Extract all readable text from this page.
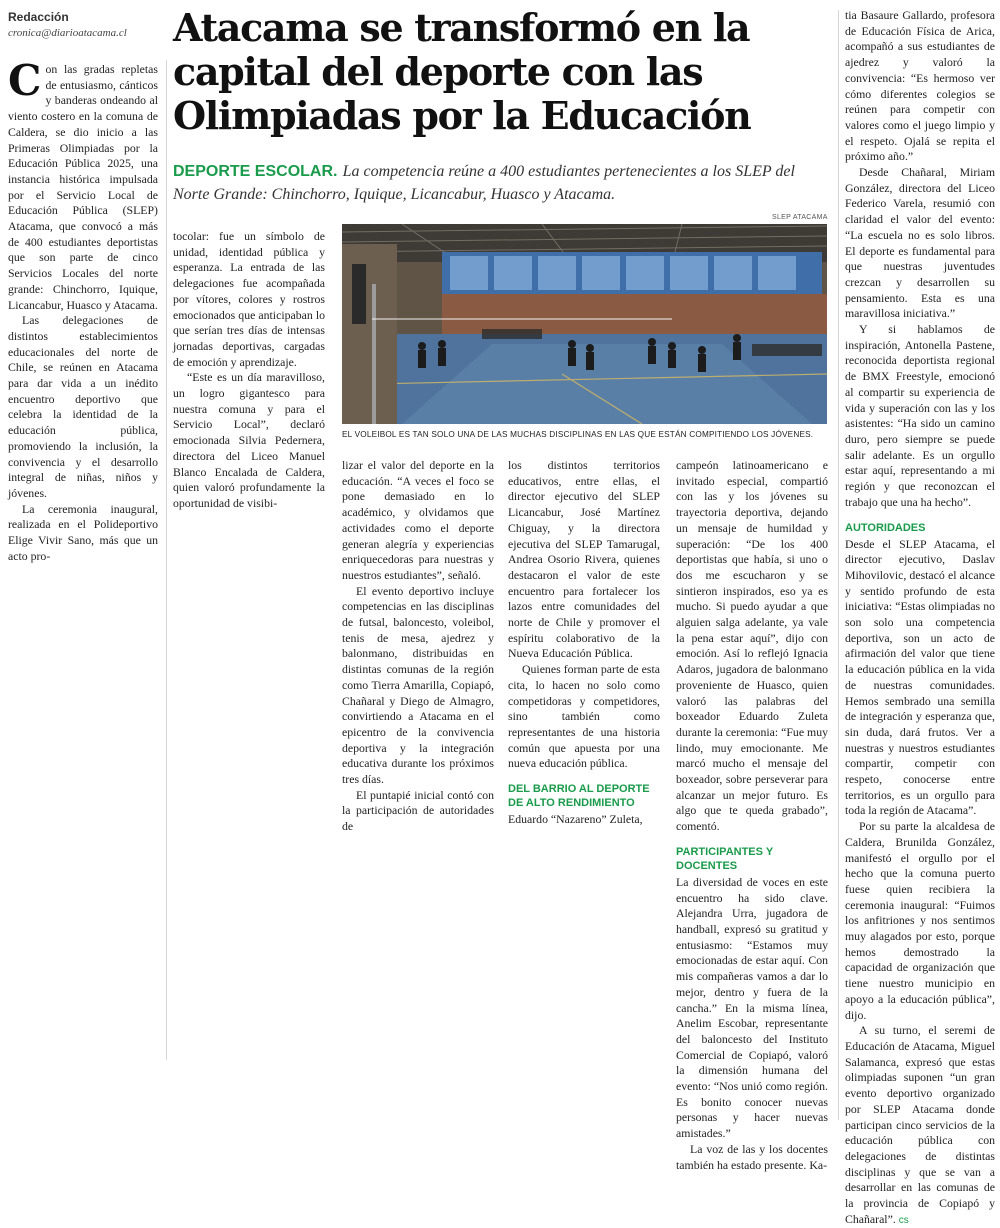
Redacción
cronica@diarioatacama.cl Atacama se transformó en la capital del deporte con las Olimpiadas por la Educación
DEPORTE ESCOLAR. La competencia reúne a 400 estudiantes pertenecientes a los SLEP del Norte Grande: Chinchorro, Iquique, Licancabur, Huasco y Atacama.
SLEP ATACAMA
EL VOLEIBOL ES TAN SOLO UNA DE LAS MUCHAS DISCIPLINAS EN LAS QUE ESTÁN COMPITIENDO LOS JÓVENES.

Con las gradas repletas de entusiasmo, cánticos y banderas ondeando al viento costero en la comuna de Caldera, se dio inicio a las Primeras Olimpiadas por la Educación Pública 2025, una instancia histórica impulsada por el Servicio Local de Educación Pública (SLEP) Atacama, que convocó a más de 400 estudiantes deportistas que son parte de cinco Servicios Locales del norte grande: Chinchorro, Iquique, Licancabur, Huasco y Atacama.

Las delegaciones de distintos establecimientos educacionales del norte de Chile, se reúnen en Atacama para dar vida a un inédito encuentro deportivo que celebra la identidad de la educación pública, promoviendo la inclusión, la convivencia y el desarrollo integral de niñas, niños y jóvenes.

La ceremonia inaugural, realizada en el Polideportivo Elige Vivir Sano, más que un acto pro-

tocolar: fue un símbolo de unidad, identidad pública y esperanza. La entrada de las delegaciones fue acompañada por vítores, colores y rostros emocionados que anticipaban lo que serían tres días de intensas jornadas deportivas, cargadas de emoción y aprendizaje.

“Este es un día maravilloso, un logro gigantesco para nuestra comuna y para el Servicio Local”, declaró emocionada Silvia Pedernera, directora del Liceo Manuel Blanco Encalada de Caldera, quien valoró profundamente la oportunidad de visibi-

lizar el valor del deporte en la educación. “A veces el foco se pone demasiado en lo académico, y olvidamos que actividades como el deporte generan alegría y experiencias enriquecedoras para nuestras y nuestros estudiantes”, señaló.

El evento deportivo incluye competencias en las disciplinas de futsal, baloncesto, voleibol, tenis de mesa, ajedrez y balonmano, distribuidas en distintas comunas de la región como Tierra Amarilla, Copiapó, Chañaral y Diego de Almagro, convirtiendo a Atacama en el epicentro de la convivencia deportiva y la integración educativa durante los próximos tres días.

El puntapié inicial contó con la participación de autoridades de

los distintos territorios educativos, entre ellas, el director ejecutivo del SLEP Licancabur, José Martínez Chiguay, y la directora ejecutiva del SLEP Tamarugal, Andrea Osorio Rivera, quienes destacaron el valor de este encuentro para fortalecer los lazos entre comunidades del norte de Chile y promover el espíritu colaborativo de la Nueva Educación Pública.

Quienes forman parte de esta cita, lo hacen no solo como competidoras y competidores, sino también como representantes de una historia común que apuesta por una nueva educación pública.

DEL BARRIO AL DEPORTE DE ALTO RENDIMIENTO

Eduardo “Nazareno” Zuleta,

campeón latinoamericano e invitado especial, compartió con las y los jóvenes su trayectoria deportiva, dejando un mensaje de humildad y superación: “De los 400 deportistas que había, si uno o dos me escucharon y se sintieron inspirados, eso ya es mucho. Si puedo ayudar a que alguien salga adelante, ya vale la pena estar aquí”, dijo con emoción. Así lo reflejó Ignacia Adaros, jugadora de balonmano proveniente de Huasco, quien valoró las palabras del boxeador Eduardo Zuleta durante la ceremonia: “Fue muy lindo, muy emocionante. Me marcó mucho el mensaje del boxeador, sobre perseverar para alcanzar un mejor futuro. Es algo que te queda grabado”, comentó.

PARTICIPANTES Y DOCENTES

La diversidad de voces en este encuentro ha sido clave. Alejandra Urra, jugadora de handball, expresó su gratitud y entusiasmo: “Estamos muy emocionadas de estar aquí. Con mis compañeras vamos a dar lo mejor, dentro y fuera de la cancha.” En la misma línea, Anelim Escobar, representante del baloncesto del Instituto Comercial de Copiapó, valoró la dimensión humana del evento: “Nos unió como región. Es bonito conocer nuevas personas y hacer nuevas amistades.”

La voz de las y los docentes también ha estado presente. Ka-

tia Basaure Gallardo, profesora de Educación Física de Arica, acompañó a sus estudiantes de ajedrez y valoró la convivencia: “Es hermoso ver cómo diferentes colegios se reúnen para competir con valores como el juego limpio y el respeto. Ojalá se repita el próximo año.”

Desde Chañaral, Miriam González, directora del Liceo Federico Varela, resumió con claridad el valor del evento: “La escuela no es solo libros. El deporte es fundamental para que nuestras juventudes crezcan y desarrollen su pensamiento. Esta es una maravillosa iniciativa.”

Y si hablamos de inspiración, Antonella Pastene, reconocida deportista regional de BMX Freestyle, emocionó al compartir su experiencia de vida y superación con las y los asistentes: “Ha sido un camino duro, pero siempre se puede salir adelante. Es un orgullo estar aquí, representando a mi región y que reconozcan el trabajo que una ha hecho”.

AUTORIDADES

Desde el SLEP Atacama, el director ejecutivo, Daslav Mihovilovic, destacó el alcance y sentido profundo de esta iniciativa: “Estas olimpiadas no son solo una competencia deportiva, son un acto de afirmación del valor que tiene la educación pública en la vida de nuestras comunidades. Hemos sembrado una semilla de integración y esperanza que, sin duda, dará frutos. Ver a nuestras y nuestros estudiantes compartir, competir con respeto, conocerse entre territorios, es un orgullo para toda la región de Atacama”.

Por su parte la alcaldesa de Caldera, Brunilda González, manifestó el orgullo por el hecho que la comuna puerto fuese quien recibiera la ceremonia inaugural: “Fuimos los anfitriones y nos sentimos muy alagados por esto, porque hemos demostrado la capacidad de organización que tiene nuestro municipio en apoyo a la educación pública”, dijo.

A su turno, el seremi de Educación de Atacama, Miguel Salamanca, expresó que estas olimpiadas suponen “un gran evento deportivo organizado por SLEP Atacama donde participan cinco servicios de la educación pública con delegaciones de distintas disciplinas y que se van a desarrollar en las comunas de la provincia de Copiapó y Chañaral”. cs
